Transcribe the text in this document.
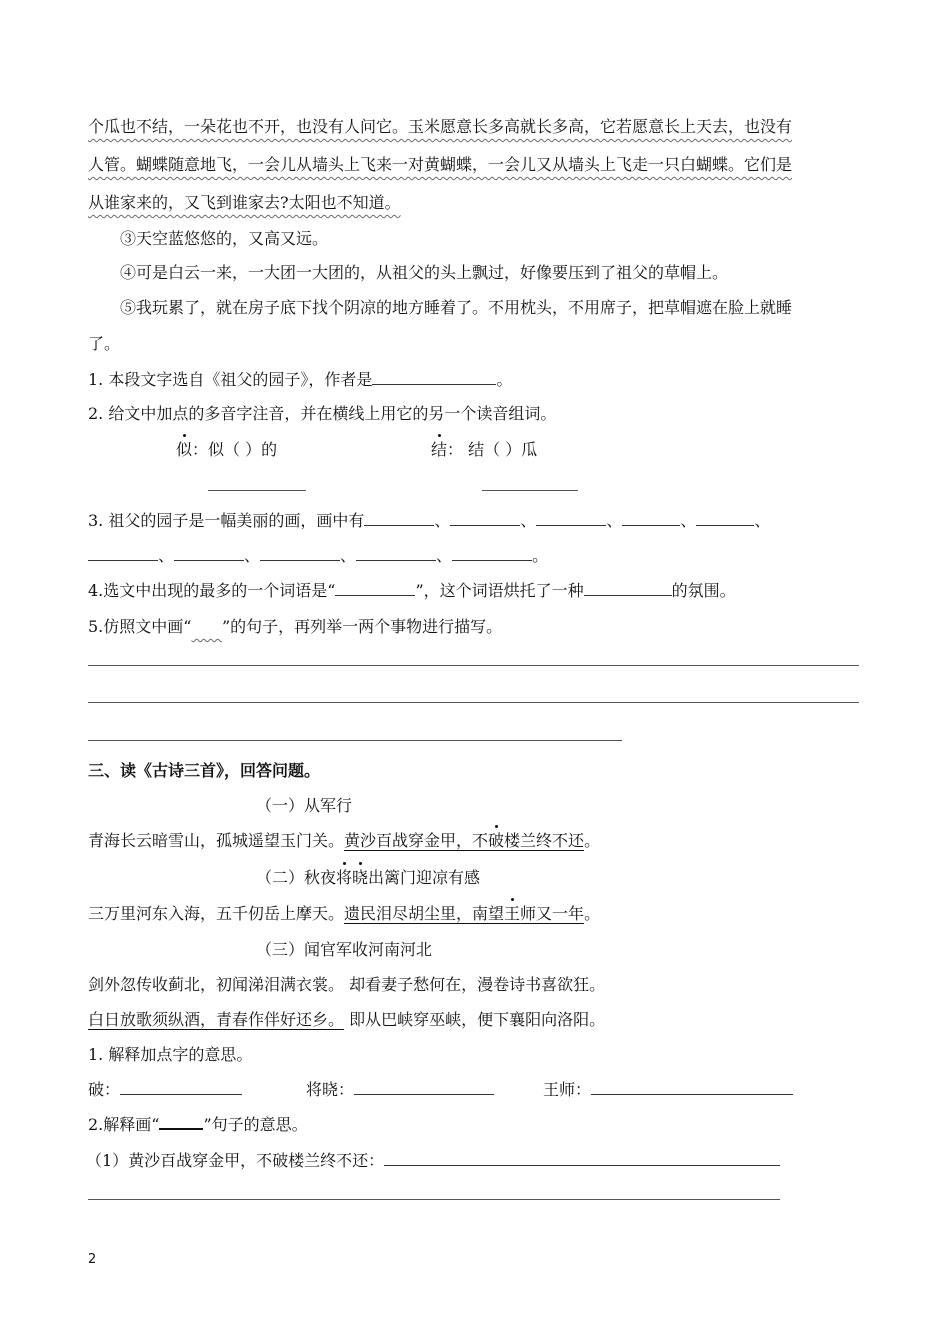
个瓜也不结，一朵花也不开，也没有人问它。玉米愿意长多高就长多高，它若愿意长上天去，也没有
人管。蝴蝶随意地飞，一会儿从墙头上飞来一对黄蝴蝶，一会儿又从墙头上飞走一只白蝴蝶。它们是
从谁家来的，又飞到谁家去?太阳也不知道。
③天空蓝悠悠的，又高又远。
④可是白云一来，一大团一大团的，从祖父的头上飘过，好像要压到了祖父的草帽上。
⑤我玩累了，就在房子底下找个阴凉的地方睡着了。不用枕头，不用席子，把草帽遮在脸上就睡
了。
1. 本段文字选自《祖父的园子》，作者是	。
2. 给文中加点的多音字注音，并在横线上用它的另一个读音组词。
似：似（ ）的	结： 结（ ）瓜
3. 祖父的园子是一幅美丽的画，画中有	、	、	、	、	、
、	、	、	、	。
4.选文中出现的最多的一个词语是“	”，这个词语烘托了一种	的氛围。
5.仿照文中画“ ”的句子，再列举一两个事物进行描写。
三、读《古诗三首》，回答问题。
（一）从军行
青海长云暗雪山，孤城遥望玉门关。黄沙百战穿金甲，不破楼兰终不还。
（二）秋夜将晓出篱门迎凉有感
三万里河东入海，五千仞岳上摩天。遗民泪尽胡尘里，南望王师又一年。
（三）闻官军收河南河北
剑外忽传收蓟北，初闻涕泪满衣裳。 却看妻子愁何在，漫卷诗书喜欲狂。
白日放歌须纵酒，青春作伴好还乡。 即从巴峡穿巫峡，便下襄阳向洛阳。
1. 解释加点字的意思。
破：	将晓：	王师：
2.解释画“	”句子的意思。
（1）黄沙百战穿金甲，不破楼兰终不还：
2
